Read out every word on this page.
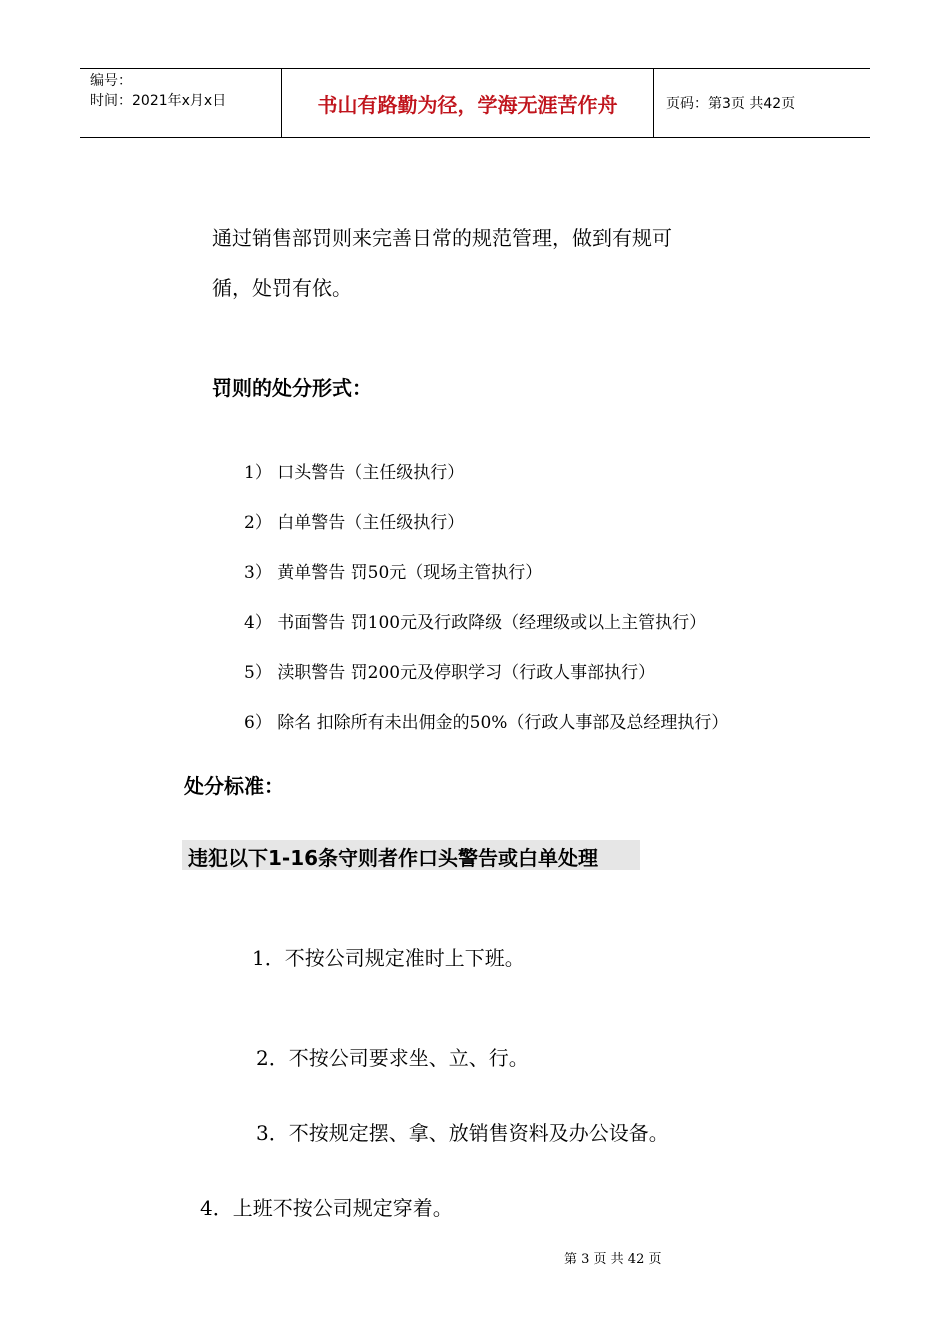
编号：
时间：2021年x月x日	书山有路勤为径，学海无涯苦作舟	页码：第3页 共42页
通过销售部罚则来完善日常的规范管理，做到有规可
循，处罚有依。
罚则的处分形式：
1） 口头警告（主任级执行）
2） 白单警告（主任级执行）
3） 黄单警告 罚50元（现场主管执行）
4） 书面警告 罚100元及行政降级（经理级或以上主管执行）
5） 渎职警告 罚200元及停职学习（行政人事部执行）
6） 除名 扣除所有未出佣金的50%（行政人事部及总经理执行）
处分标准：
违犯以下1-16条守则者作口头警告或白单处理
1．不按公司规定准时上下班。
2．不按公司要求坐、立、行。
3．不按规定摆、拿、放销售资料及办公设备。
4．上班不按公司规定穿着。
第 3 页 共 42 页
